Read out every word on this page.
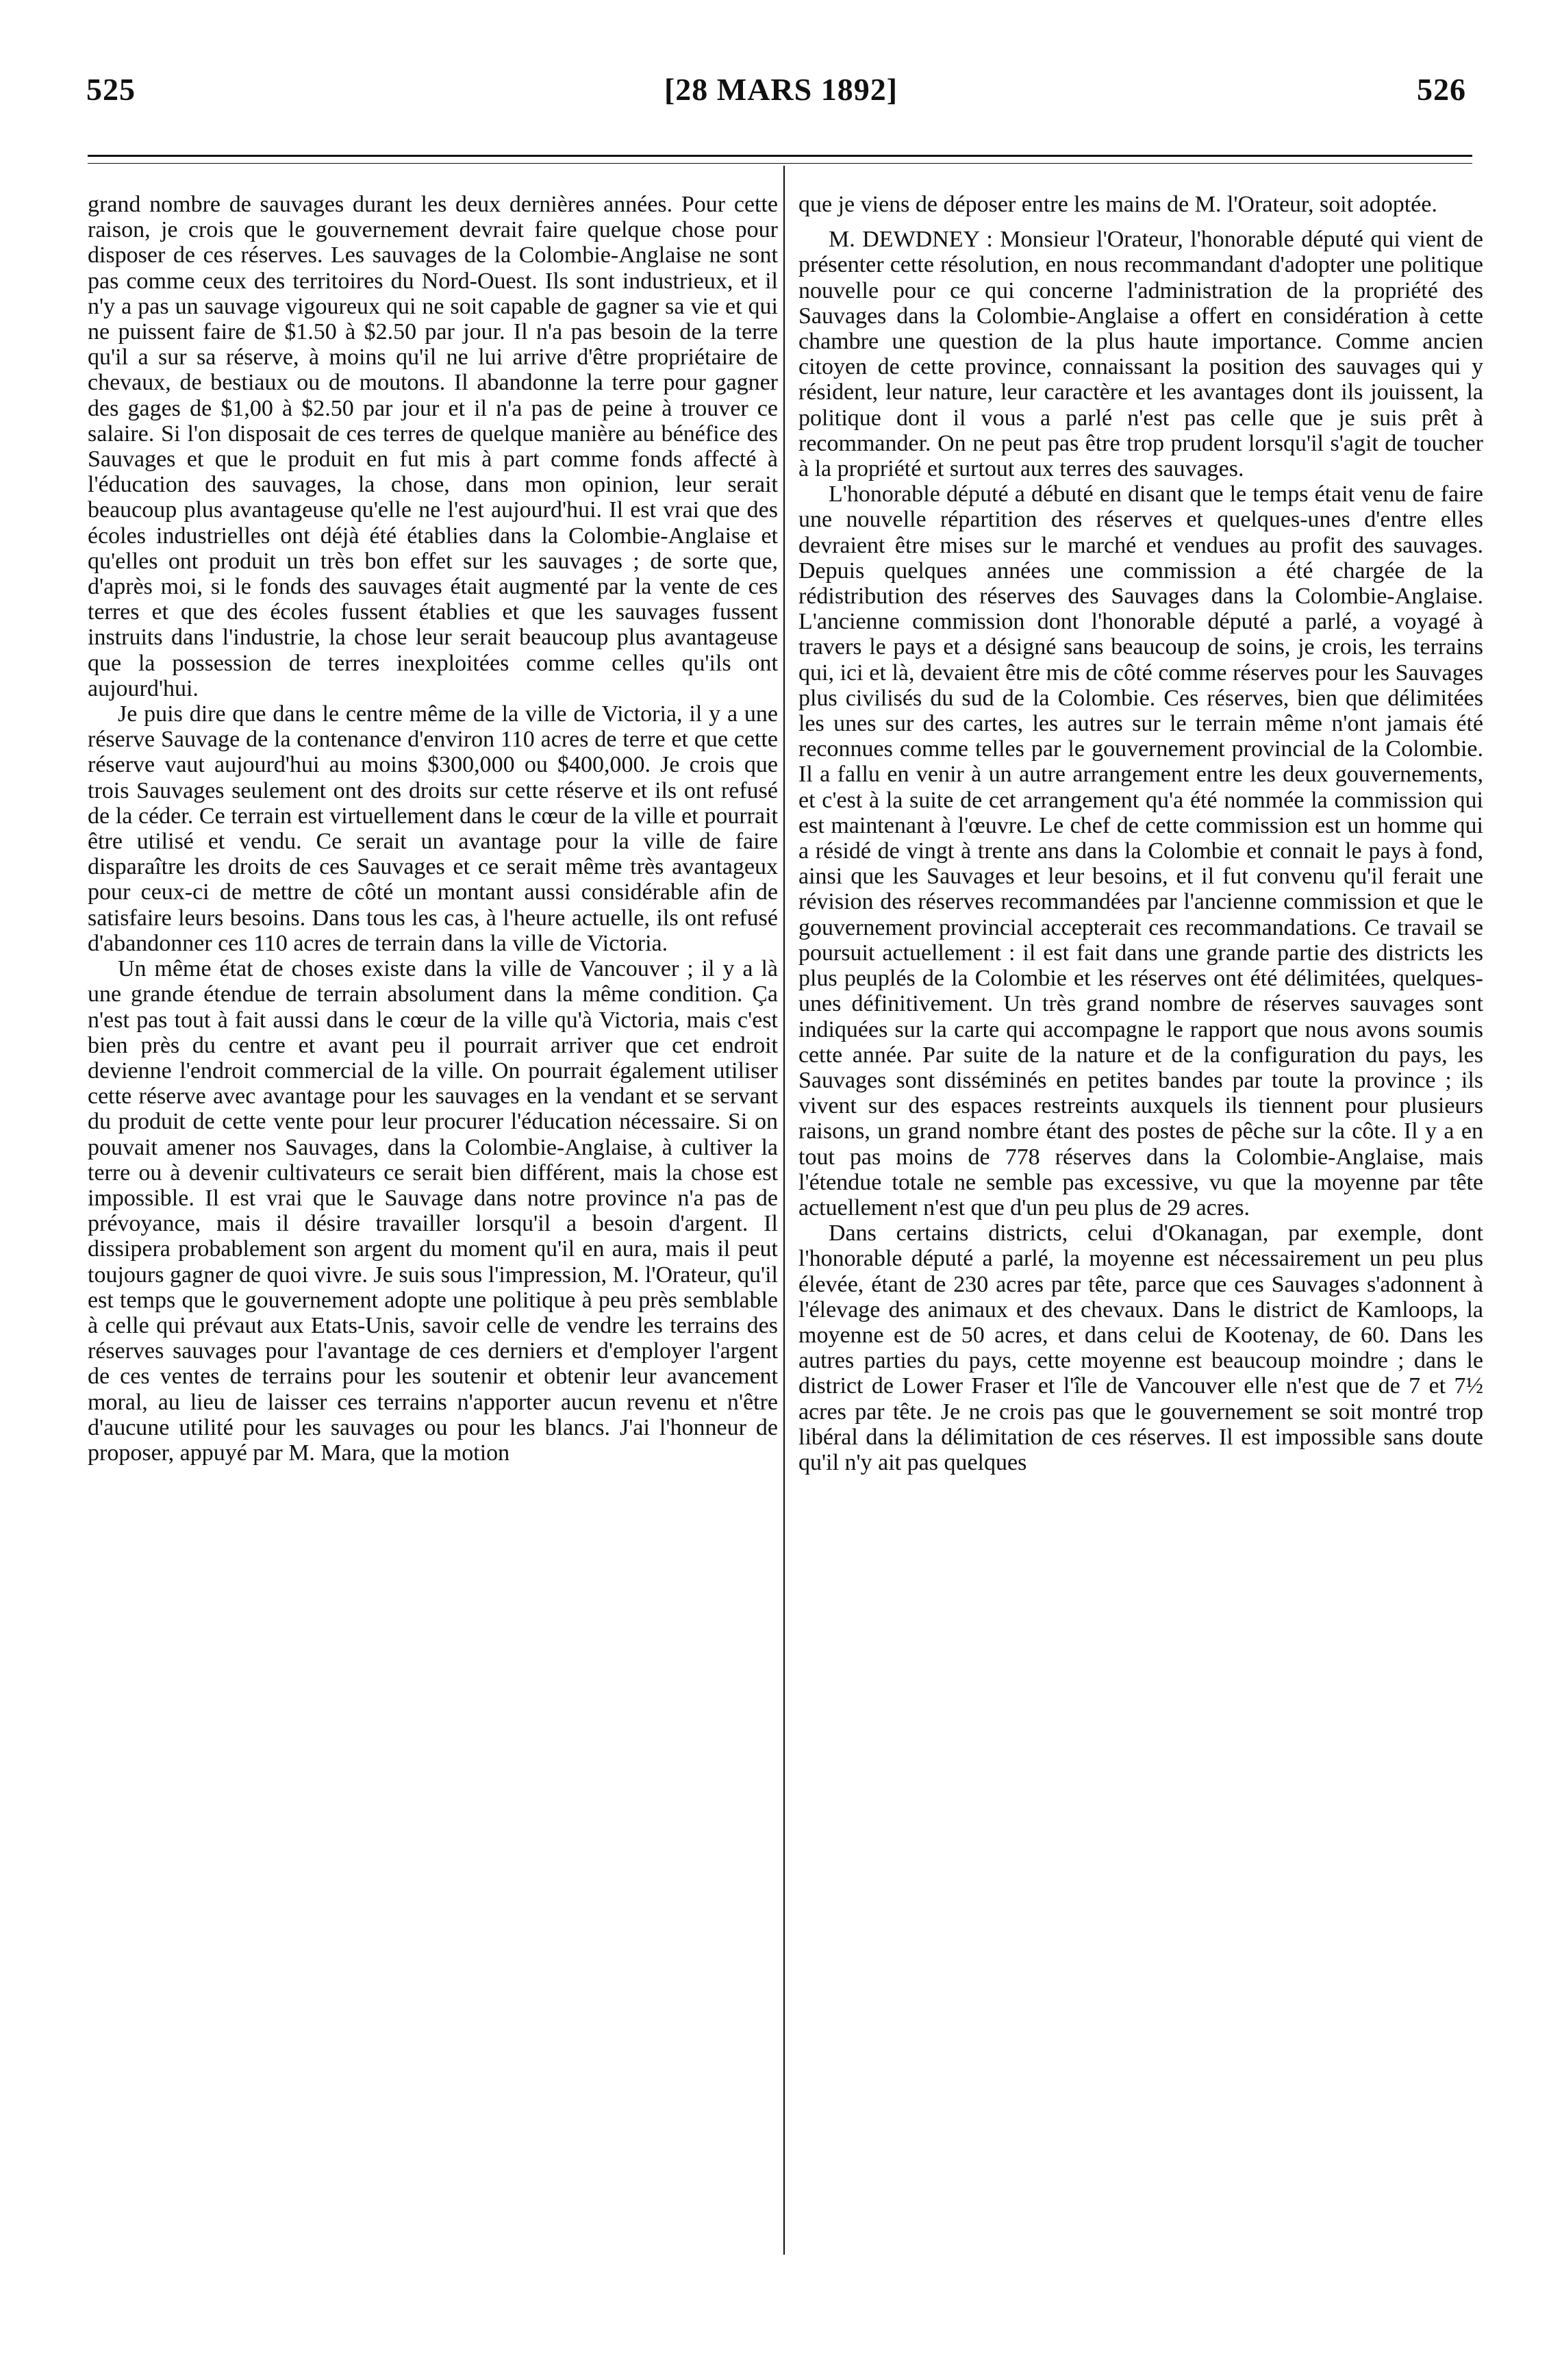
525	[28 MARS 1892]	526

grand nombre de sauvages durant les deux dernières années. Pour cette raison, je crois que le gouvernement devrait faire quelque chose pour disposer de ces réserves. Les sauvages de la Colombie-Anglaise ne sont pas comme ceux des territoires du Nord-Ouest. Ils sont industrieux, et il n'y a pas un sauvage vigoureux qui ne soit capable de gagner sa vie et qui ne puissent faire de $1.50 à $2.50 par jour. Il n'a pas besoin de la terre qu'il a sur sa réserve, à moins qu'il ne lui arrive d'être propriétaire de chevaux, de bestiaux ou de moutons. Il abandonne la terre pour gagner des gages de $1,00 à $2.50 par jour et il n'a pas de peine à trouver ce salaire. Si l'on disposait de ces terres de quelque manière au bénéfice des Sauvages et que le produit en fut mis à part comme fonds affecté à l'éducation des sauvages, la chose, dans mon opinion, leur serait beaucoup plus avantageuse qu'elle ne l'est aujourd'hui. Il est vrai que des écoles industrielles ont déjà été établies dans la Colombie-Anglaise et qu'elles ont produit un très bon effet sur les sauvages ; de sorte que, d'après moi, si le fonds des sauvages était augmenté par la vente de ces terres et que des écoles fussent établies et que les sauvages fussent instruits dans l'industrie, la chose leur serait beaucoup plus avantageuse que la possession de terres inexploitées comme celles qu'ils ont aujourd'hui.

Je puis dire que dans le centre même de la ville de Victoria, il y a une réserve Sauvage de la contenance d'environ 110 acres de terre et que cette réserve vaut aujourd'hui au moins $300,000 ou $400,000. Je crois que trois Sauvages seulement ont des droits sur cette réserve et ils ont refusé de la céder. Ce terrain est virtuellement dans le cœur de la ville et pourrait être utilisé et vendu. Ce serait un avantage pour la ville de faire disparaître les droits de ces Sauvages et ce serait même très avantageux pour ceux-ci de mettre de côté un montant aussi considérable afin de satisfaire leurs besoins. Dans tous les cas, à l'heure actuelle, ils ont refusé d'abandonner ces 110 acres de terrain dans la ville de Victoria.

Un même état de choses existe dans la ville de Vancouver ; il y a là une grande étendue de terrain absolument dans la même condition. Ça n'est pas tout à fait aussi dans le cœur de la ville qu'à Victoria, mais c'est bien près du centre et avant peu il pourrait arriver que cet endroit devienne l'endroit commercial de la ville. On pourrait également utiliser cette réserve avec avantage pour les sauvages en la vendant et se servant du produit de cette vente pour leur procurer l'éducation nécessaire. Si on pouvait amener nos Sauvages, dans la Colombie-Anglaise, à cultiver la terre ou à devenir cultivateurs ce serait bien différent, mais la chose est impossible. Il est vrai que le Sauvage dans notre province n'a pas de prévoyance, mais il désire travailler lorsqu'il a besoin d'argent. Il dissipera probablement son argent du moment qu'il en aura, mais il peut toujours gagner de quoi vivre. Je suis sous l'impression, M. l'Orateur, qu'il est temps que le gouvernement adopte une politique à peu près semblable à celle qui prévaut aux Etats-Unis, savoir celle de vendre les terrains des réserves sauvages pour l'avantage de ces derniers et d'employer l'argent de ces ventes de terrains pour les soutenir et obtenir leur avancement moral, au lieu de laisser ces terrains n'apporter aucun revenu et n'être d'aucune utilité pour les sauvages ou pour les blancs. J'ai l'honneur de proposer, appuyé par M. Mara, que la motion

que je viens de déposer entre les mains de M. l'Orateur, soit adoptée.

M. DEWDNEY : Monsieur l'Orateur, l'honorable député qui vient de présenter cette résolution, en nous recommandant d'adopter une politique nouvelle pour ce qui concerne l'administration de la propriété des Sauvages dans la Colombie-Anglaise a offert en considération à cette chambre une question de la plus haute importance. Comme ancien citoyen de cette province, connaissant la position des sauvages qui y résident, leur nature, leur caractère et les avantages dont ils jouissent, la politique dont il vous a parlé n'est pas celle que je suis prêt à recommander. On ne peut pas être trop prudent lorsqu'il s'agit de toucher à la propriété et surtout aux terres des sauvages.

L'honorable député a débuté en disant que le temps était venu de faire une nouvelle répartition des réserves et quelques-unes d'entre elles devraient être mises sur le marché et vendues au profit des sauvages. Depuis quelques années une commission a été chargée de la rédistribution des réserves des Sauvages dans la Colombie-Anglaise. L'ancienne commission dont l'honorable député a parlé, a voyagé à travers le pays et a désigné sans beaucoup de soins, je crois, les terrains qui, ici et là, devaient être mis de côté comme réserves pour les Sauvages plus civilisés du sud de la Colombie. Ces réserves, bien que délimitées les unes sur des cartes, les autres sur le terrain même n'ont jamais été reconnues comme telles par le gouvernement provincial de la Colombie. Il a fallu en venir à un autre arrangement entre les deux gouvernements, et c'est à la suite de cet arrangement qu'a été nommée la commission qui est maintenant à l'œuvre. Le chef de cette commission est un homme qui a résidé de vingt à trente ans dans la Colombie et connait le pays à fond, ainsi que les Sauvages et leur besoins, et il fut convenu qu'il ferait une révision des réserves recommandées par l'ancienne commission et que le gouvernement provincial accepterait ces recommandations. Ce travail se poursuit actuellement : il est fait dans une grande partie des districts les plus peuplés de la Colombie et les réserves ont été délimitées, quelques-unes définitivement. Un très grand nombre de réserves sauvages sont indiquées sur la carte qui accompagne le rapport que nous avons soumis cette année. Par suite de la nature et de la configuration du pays, les Sauvages sont disséminés en petites bandes par toute la province ; ils vivent sur des espaces restreints auxquels ils tiennent pour plusieurs raisons, un grand nombre étant des postes de pêche sur la côte. Il y a en tout pas moins de 778 réserves dans la Colombie-Anglaise, mais l'étendue totale ne semble pas excessive, vu que la moyenne par tête actuellement n'est que d'un peu plus de 29 acres.

Dans certains districts, celui d'Okanagan, par exemple, dont l'honorable député a parlé, la moyenne est nécessairement un peu plus élevée, étant de 230 acres par tête, parce que ces Sauvages s'adonnent à l'élevage des animaux et des chevaux. Dans le district de Kamloops, la moyenne est de 50 acres, et dans celui de Kootenay, de 60. Dans les autres parties du pays, cette moyenne est beaucoup moindre ; dans le district de Lower Fraser et l'île de Vancouver elle n'est que de 7 et 7½ acres par tête. Je ne crois pas que le gouvernement se soit montré trop libéral dans la délimitation de ces réserves. Il est impossible sans doute qu'il n'y ait pas quelques
